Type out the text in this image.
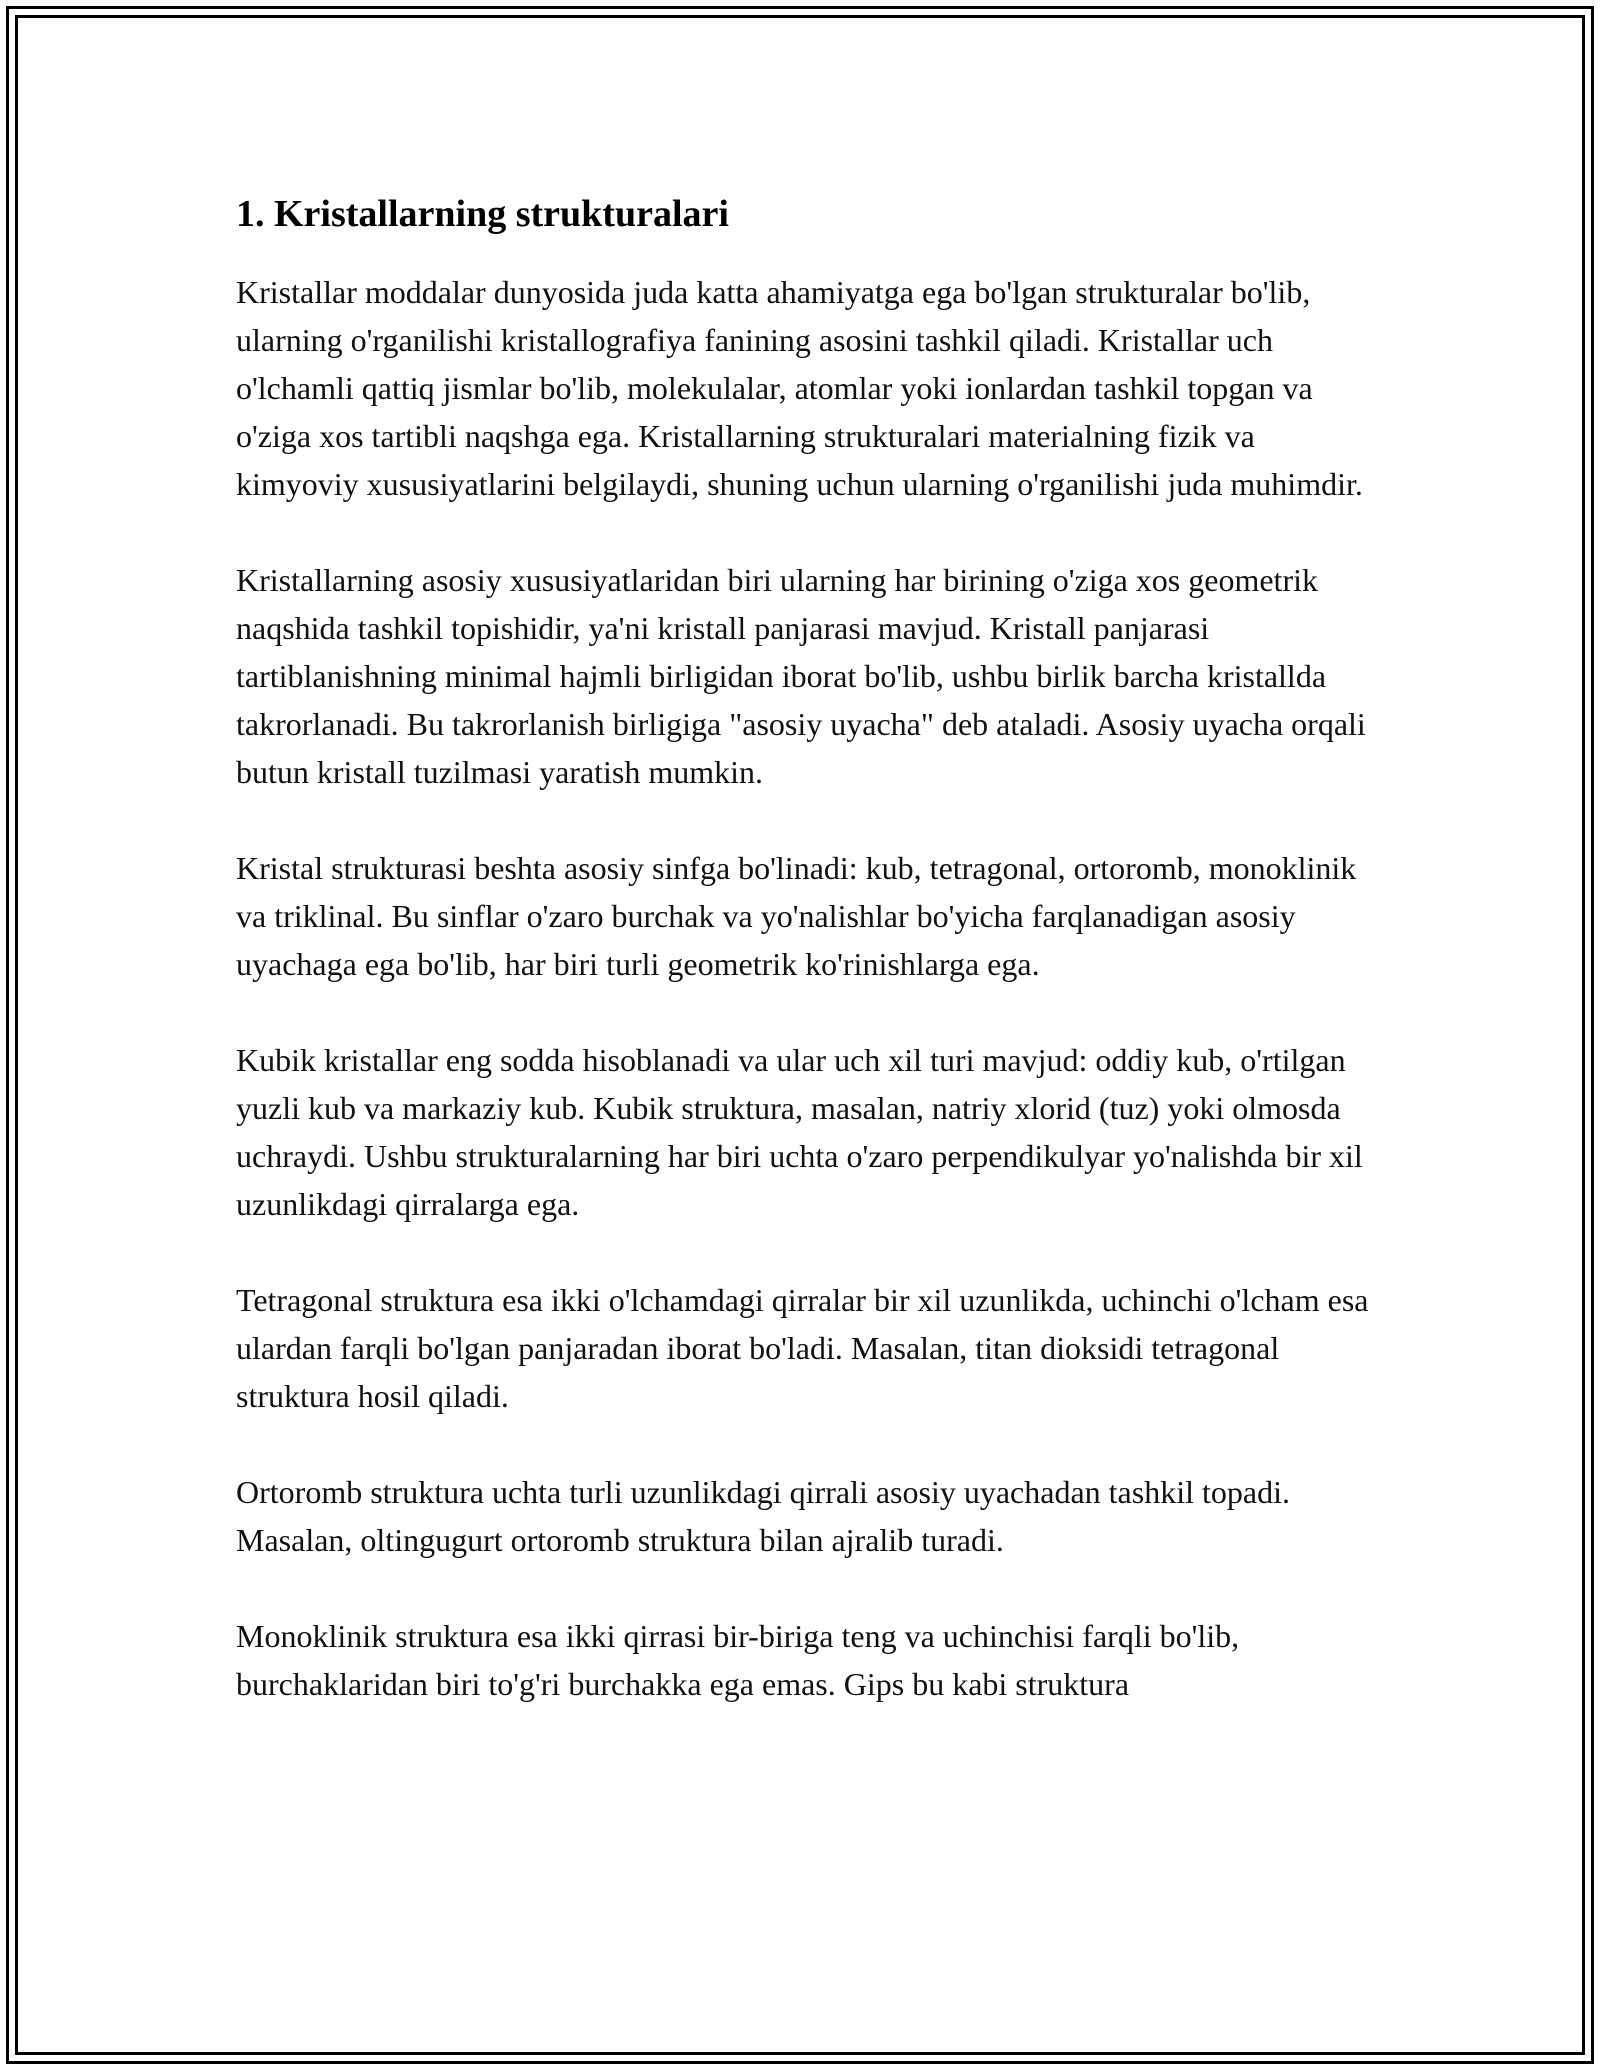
1. Kristallarning strukturalari

Kristallar moddalar dunyosida juda katta ahamiyatga ega bo'lgan strukturalar bo'lib, ularning o'rganilishi kristallografiya fanining asosini tashkil qiladi. Kristallar uch o'lchamli qattiq jismlar bo'lib, molekulalar, atomlar yoki ionlardan tashkil topgan va o'ziga xos tartibli naqshga ega. Kristallarning strukturalari materialning fizik va kimyoviy xususiyatlarini belgilaydi, shuning uchun ularning o'rganilishi juda muhimdir.

Kristallarning asosiy xususiyatlaridan biri ularning har birining o'ziga xos geometrik naqshida tashkil topishidir, ya'ni kristall panjarasi mavjud. Kristall panjarasi tartiblanishning minimal hajmli birligidan iborat bo'lib, ushbu birlik barcha kristallda takrorlanadi. Bu takrorlanish birligiga "asosiy uyacha" deb ataladi. Asosiy uyacha orqali butun kristall tuzilmasi yaratish mumkin.

Kristal strukturasi beshta asosiy sinfga bo'linadi: kub, tetragonal, ortoromb, monoklinik va triklinal. Bu sinflar o'zaro burchak va yo'nalishlar bo'yicha farqlanadigan asosiy uyachaga ega bo'lib, har biri turli geometrik ko'rinishlarga ega.

Kubik kristallar eng sodda hisoblanadi va ular uch xil turi mavjud: oddiy kub, o'rtilgan yuzli kub va markaziy kub. Kubik struktura, masalan, natriy xlorid (tuz) yoki olmosda uchraydi. Ushbu strukturalarning har biri uchta o'zaro perpendikulyar yo'nalishda bir xil uzunlikdagi qirralarga ega.

Tetragonal struktura esa ikki o'lchamdagi qirralar bir xil uzunlikda, uchinchi o'lcham esa ulardan farqli bo'lgan panjaradan iborat bo'ladi. Masalan, titan dioksidi tetragonal struktura hosil qiladi.

Ortoromb struktura uchta turli uzunlikdagi qirrali asosiy uyachadan tashkil topadi. Masalan, oltingugurt ortoromb struktura bilan ajralib turadi.

Monoklinik struktura esa ikki qirrasi bir-biriga teng va uchinchisi farqli bo'lib, burchaklaridan biri to'g'ri burchakka ega emas. Gips bu kabi struktura
